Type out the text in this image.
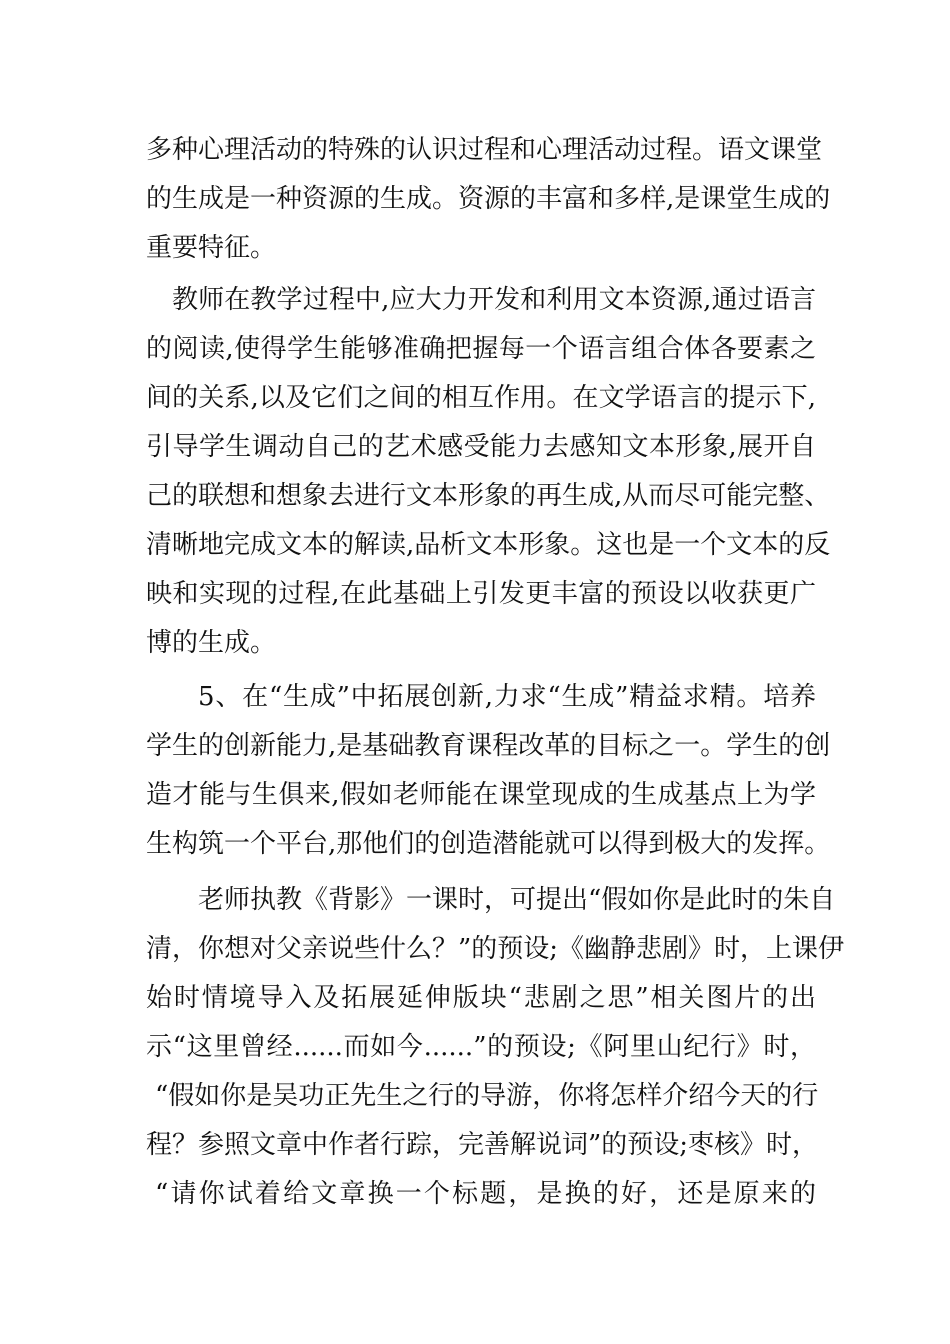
多种心理活动的特殊的认识过程和心理活动过程。语文课堂

的生成是一种资源的生成。资源的丰富和多样,是课堂生成的

重要特征。

教师在教学过程中,应大力开发和利用文本资源,通过语言

的阅读,使得学生能够准确把握每一个语言组合体各要素之

间的关系,以及它们之间的相互作用。在文学语言的提示下,

引导学生调动自己的艺术感受能力去感知文本形象,展开自

己的联想和想象去进行文本形象的再生成,从而尽可能完整、

清晰地完成文本的解读,品析文本形象。这也是一个文本的反

映和实现的过程,在此基础上引发更丰富的预设以收获更广

博的生成。

5、在“生成”中拓展创新,力求“生成”精益求精。培养

学生的创新能力,是基础教育课程改革的目标之一。学生的创

造才能与生俱来,假如老师能在课堂现成的生成基点上为学

生构筑一个平台,那他们的创造潜能就可以得到极大的发挥。

老师执教《背影》一课时，可提出“假如你是此时的朱自

清，你想对父亲说些什么？”的预设;《幽静悲剧》时，上课伊

始时情境导入及拓展延伸版块“悲剧之思”相关图片的出

示“这里曾经......而如今......”的预设;《阿里山纪行》时，

“假如你是吴功正先生之行的导游，你将怎样介绍今天的行

程？参照文章中作者行踪，完善解说词”的预设;枣核》时，

“请你试着给文章换一个标题，是换的好，还是原来的
